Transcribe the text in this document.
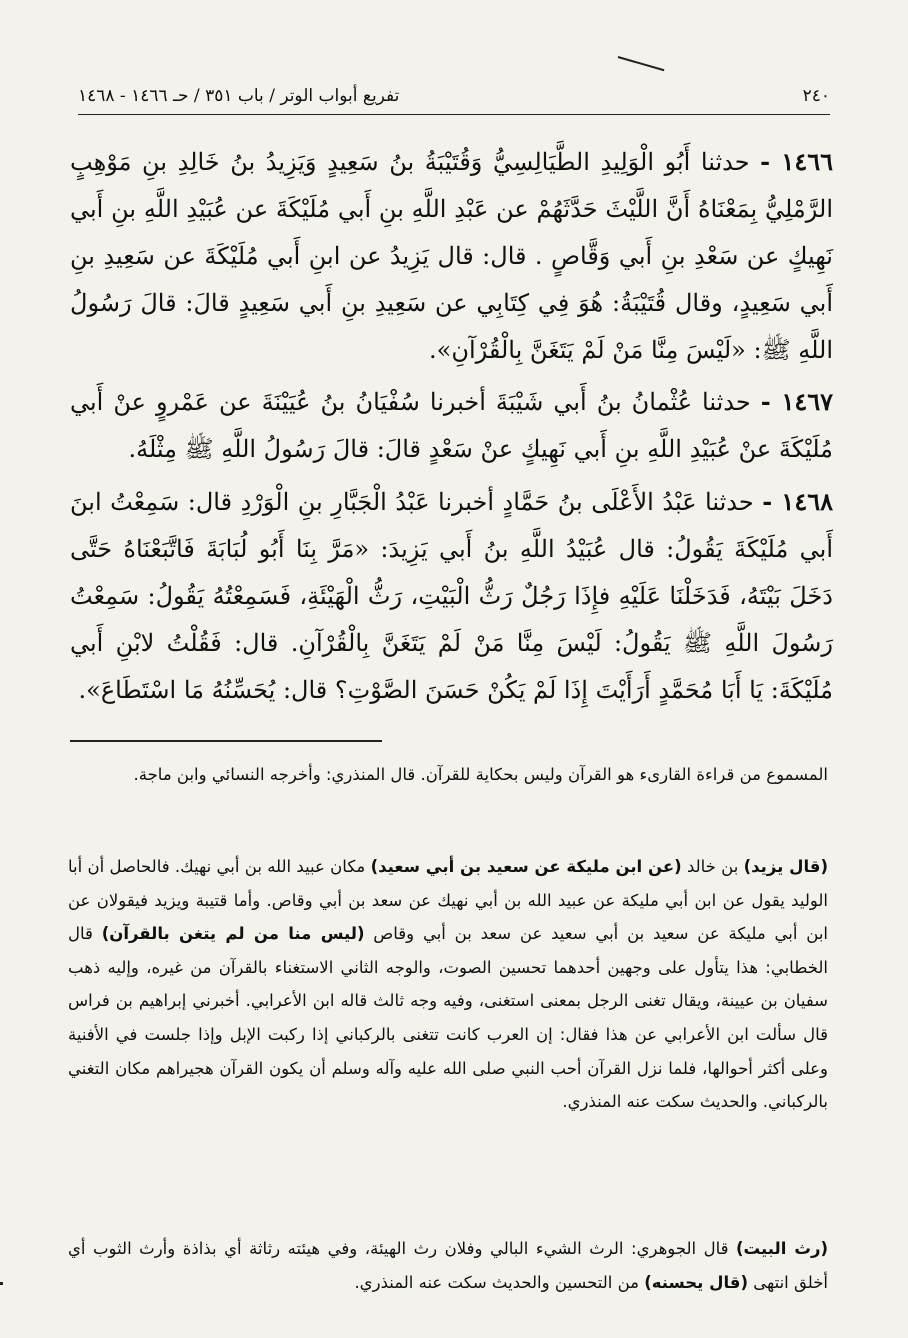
٢٤٠
تفريع أبواب الوتر / باب ٣٥١ / حـ ١٤٦٦ - ١٤٦٨
١٤٦٦ - حدثنا أَبُو الْوَلِيدِ الطَّيَالِسِيُّ وَقُتَيْبَةُ بنُ سَعِيدٍ وَيَزِيدُ بنُ خَالِدِ بنِ مَوْهِبٍ الرَّمْلِيُّ بِمَعْنَاهُ أَنَّ اللَّيْثَ حَدَّثَهُمْ عن عَبْدِ اللَّهِ بنِ أَبي مُلَيْكَةَ عن عُبَيْدِ اللَّهِ بنِ أَبي نَهِيكٍ عن سَعْدِ بنِ أَبي وَقَّاصٍ . قال: قال يَزِيدُ عن ابنِ أَبي مُلَيْكَةَ عن سَعِيدِ بنِ أَبي سَعِيدٍ، وقال قُتَيْبَةُ: هُوَ فِي كِتَابِي عن سَعِيدِ بنِ أَبي سَعِيدٍ قالَ: قالَ رَسُولُ اللَّهِ ﷺ: «لَيْسَ مِنَّا مَنْ لَمْ يَتَغَنَّ بِالْقُرْآنِ».
١٤٦٧ - حدثنا عُثْمانُ بنُ أَبي شَيْبَةَ أخبرنا سُفْيَانُ بنُ عُيَيْنَةَ عن عَمْروٍ عنْ أَبي مُلَيْكَةَ عنْ عُبَيْدِ اللَّهِ بنِ أَبي نَهِيكٍ عنْ سَعْدٍ قالَ: قالَ رَسُولُ اللَّهِ ﷺ مِثْلَهُ.
١٤٦٨ - حدثنا عَبْدُ الأَعْلَى بنُ حَمَّادٍ أخبرنا عَبْدُ الْجَبَّارِ بنِ الْوَرْدِ قال: سَمِعْتُ ابنَ أَبي مُلَيْكَةَ يَقُولُ: قال عُبَيْدُ اللَّهِ بنُ أَبي يَزِيدَ: «مَرَّ بِنَا أَبُو لُبَابَةَ فَاتَّبَعْنَاهُ حَتَّى دَخَلَ بَيْتَهُ، فَدَخَلْنَا عَلَيْهِ فإِذَا رَجُلٌ رَثُّ الْبَيْتِ، رَثُّ الْهَيْئَةِ، فَسَمِعْتُهُ يَقُولُ: سَمِعْتُ رَسُولَ اللَّهِ ﷺ يَقُولُ: لَيْسَ مِنَّا مَنْ لَمْ يَتَغَنَّ بِالْقُرْآنِ. قال: فَقُلْتُ لابْنِ أَبي مُلَيْكَةَ: يَا أَبَا مُحَمَّدٍ أَرَأَيْتَ إِذَا لَمْ يَكُنْ حَسَنَ الصَّوْتِ؟ قال: يُحَسِّنُهُ مَا اسْتَطَاعَ».
المسموع من قراءة القارىء هو القرآن وليس بحكاية للقرآن. قال المنذري: وأخرجه النسائي وابن ماجة.
(قال يزيد) بن خالد (عن ابن مليكة عن سعيد بن أبي سعيد) مكان عبيد الله بن أبي نهيك. فالحاصل أن أبا الوليد يقول عن ابن أبي مليكة عن عبيد الله بن أبي نهيك عن سعد بن أبي وقاص. وأما قتيبة ويزيد فيقولان عن ابن أبي مليكة عن سعيد بن أبي سعيد عن سعد بن أبي وقاص (ليس منا من لم يتغن بالقرآن) قال الخطابي: هذا يتأول على وجهين أحدهما تحسين الصوت، والوجه الثاني الاستغناء بالقرآن من غيره، وإليه ذهب سفيان بن عيينة، ويقال تغنى الرجل بمعنى استغنى، وفيه وجه ثالث قاله ابن الأعرابي. أخبرني إبراهيم بن فراس قال سألت ابن الأعرابي عن هذا فقال: إن العرب كانت تتغنى بالركباني إذا ركبت الإبل وإذا جلست في الأفنية وعلى أكثر أحوالها، فلما نزل القرآن أحب النبي صلى الله عليه وآله وسلم أن يكون القرآن هجيراهم مكان التغني بالركباني. والحديث سكت عنه المنذري.
(رث البيت) قال الجوهري: الرث الشيء البالي وفلان رث الهيئة، وفي هيئته رثاثة أي بذاذة وأرث الثوب أي أخلق انتهى (قال يحسنه) من التحسين والحديث سكت عنه المنذري.
